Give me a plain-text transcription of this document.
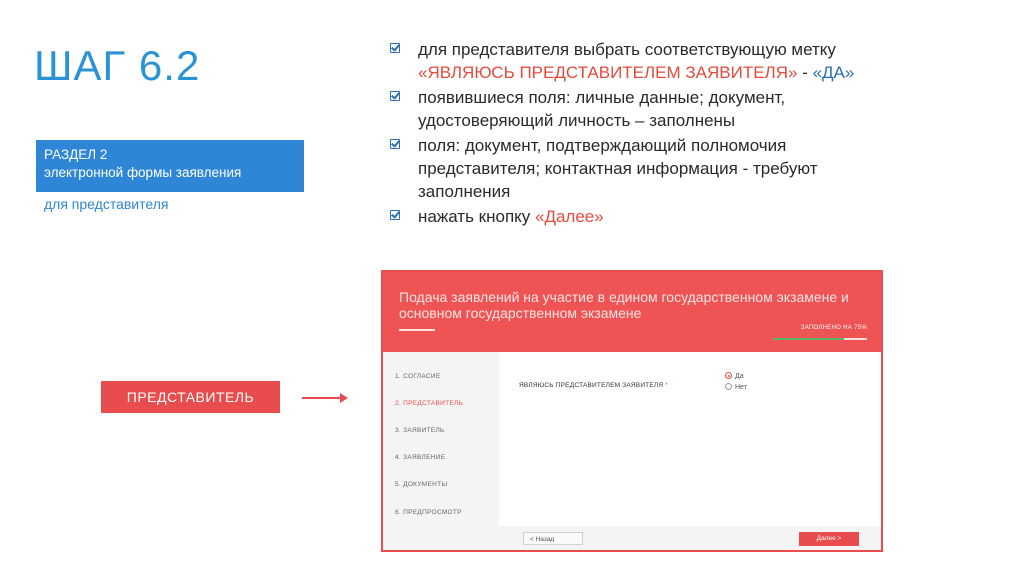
ШАГ 6.2
РАЗДЕЛ 2
электронной формы заявления
для представителя
для представителя выбрать соответствующую метку
«ЯВЛЯЮСЬ ПРЕДСТАВИТЕЛЕМ ЗАЯВИТЕЛЯ» - «ДА»
появившиеся поля: личные данные; документ,
удостоверяющий личность – заполнены
поля: документ, подтверждающий полномочия
представителя; контактная информация - требуют
заполнения
нажать кнопку «Далее»
ПРЕДСТАВИТЕЛЬ
Подача заявлений на участие в едином государственном экзамене и основном государственном экзамене
ЗАПОЛНЕНО НА 75%
1. СОГЛАСИЕ
2. ПРЕДСТАВИТЕЛЬ
3. ЗАЯВИТЕЛЬ
4. ЗАЯВЛЕНИЕ
5. ДОКУМЕНТЫ
6. ПРЕДПРОСМОТР
ЯВЛЯЮСЬ ПРЕДСТАВИТЕЛЕМ ЗАЯВИТЕЛЯ *
Да
Нет
< Назад	Далее >
